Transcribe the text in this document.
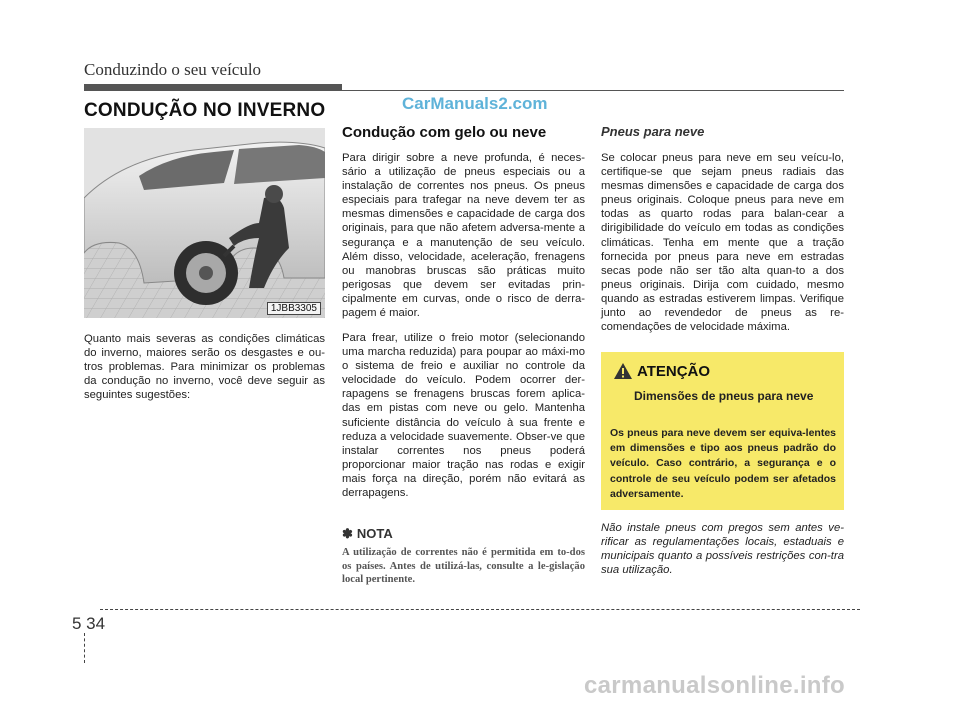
Conduzindo o seu veículo
CONDUÇÃO NO INVERNO	CarManuals2.com
1JBB3305
Quanto mais severas as condições climáticas do inverno, maiores serão os desgastes e ou-tros problemas. Para minimizar os problemas da condução no inverno, você deve seguir as seguintes sugestões:
Condução com gelo ou neve
Para dirigir sobre a neve profunda, é neces-sário a utilização de pneus especiais ou a instalação de correntes nos pneus. Os pneus especiais para trafegar na neve devem ter as mesmas dimensões e capacidade de carga dos originais, para que não afetem adversa-mente a segurança e a manutenção de seu veículo. Além disso, velocidade, aceleração, frenagens ou manobras bruscas são práticas muito perigosas que devem ser evitadas prin-cipalmente em curvas, onde o risco de derra-pagem é maior.
Para frear, utilize o freio motor (selecionando uma marcha reduzida) para poupar ao máxi-mo o sistema de freio e auxiliar no controle da velocidade do veículo. Podem ocorrer der-rapagens se frenagens bruscas forem aplica-das em pistas com neve ou gelo. Mantenha suficiente distância do veículo à sua frente e reduza a velocidade suavemente. Obser-ve que instalar correntes nos pneus poderá proporcionar maior tração nas rodas e exigir mais força na direção, porém não evitará as derrapagens.
✽ NOTA
A utilização de correntes não é permitida em to-dos os países. Antes de utilizá-las, consulte a le-gislação local pertinente.
Pneus para neve
Se colocar pneus para neve em seu veícu-lo, certifique-se que sejam pneus radiais das mesmas dimensões e capacidade de carga dos pneus originais. Coloque pneus para neve em todas as quarto rodas para balan-cear a dirigibilidade do veículo em todas as condições climáticas. Tenha em mente que a tração fornecida por pneus para neve em estradas secas pode não ser tão alta quan-to a dos pneus originais. Dirija com cuidado, mesmo quando as estradas estiverem limpas. Verifique junto ao revendedor de pneus as re-comendações de velocidade máxima.
ATENÇÃO
Dimensões de pneus para neve
Os pneus para neve devem ser equiva-lentes em dimensões e tipo aos pneus padrão do veículo. Caso contrário, a segurança e o controle de seu veículo podem ser afetados adversamente.
Não instale pneus com pregos sem antes ve-rificar as regulamentações locais, estaduais e municipais quanto a possíveis restrições con-tra sua utilização.
5 34
carmanualsonline.info
